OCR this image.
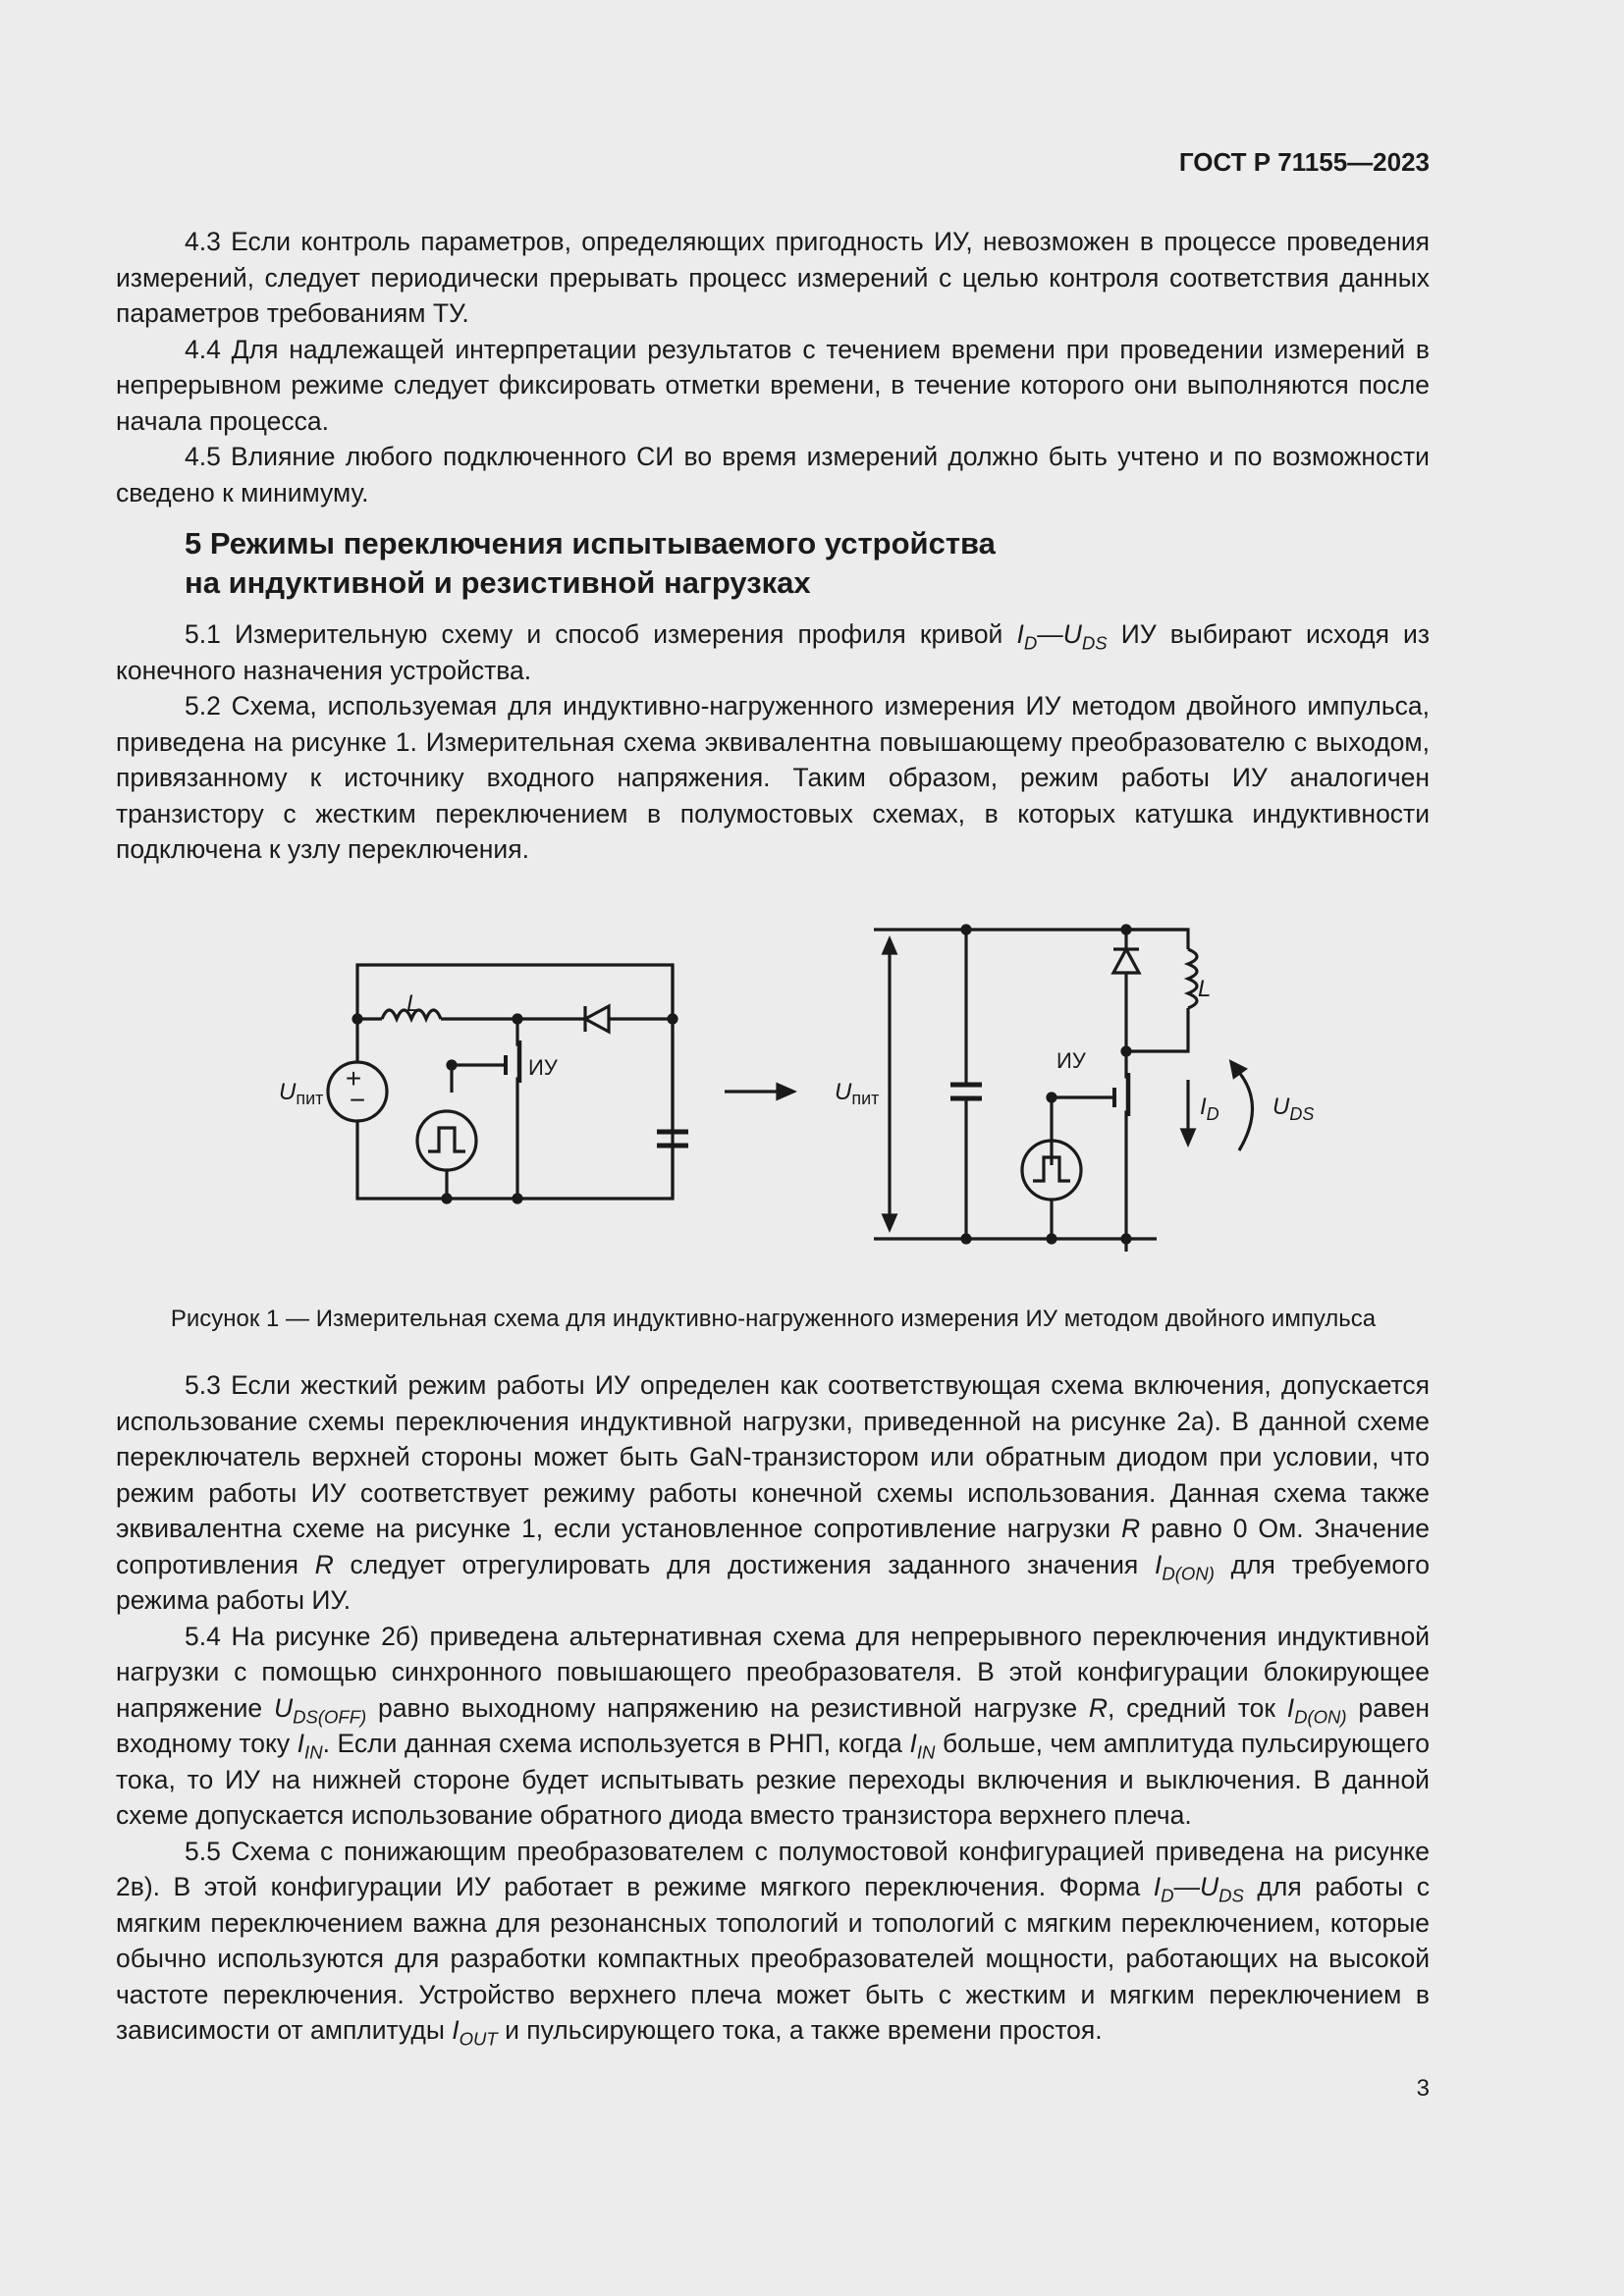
ГОСТ Р 71155—2023

4.3 Если контроль параметров, определяющих пригодность ИУ, невозможен в процессе проведения измерений, следует периодически прерывать процесс измерений с целью контроля соответствия данных параметров требованиям ТУ.

4.4 Для надлежащей интерпретации результатов с течением времени при проведении измерений в непрерывном режиме следует фиксировать отметки времени, в течение которого они выполняются после начала процесса.

4.5 Влияние любого подключенного СИ во время измерений должно быть учтено и по возможности сведено к минимуму.

5 Режимы переключения испытываемого устройства
на индуктивной и резистивной нагрузках

5.1 Измерительную схему и способ измерения профиля кривой $I_D—U_{DS}$ ИУ выбирают исходя из конечного назначения устройства.

5.2 Схема, используемая для индуктивно-нагруженного измерения ИУ методом двойного импульса, приведена на рисунке 1. Измерительная схема эквивалентна повышающему преобразователю с выходом, привязанному к источнику входного напряжения. Таким образом, режим работы ИУ аналогичен транзистору с жестким переключением в полумостовых схемах, в которых катушка индуктивности подключена к узлу переключения.

L
+
−
$U_{пит}$
ИУ
$U_{пит}$
L
ИУ
$I_D$ $U_{DS}$
Рисунок 1 — Измерительная схема для индуктивно-нагруженного измерения ИУ методом двойного импульса

5.3 Если жесткий режим работы ИУ определен как соответствующая схема включения, допускается использование схемы переключения индуктивной нагрузки, приведенной на рисунке 2а). В данной схеме переключатель верхней стороны может быть GaN-транзистором или обратным диодом при условии, что режим работы ИУ соответствует режиму работы конечной схемы использования. Данная схема также эквивалентна схеме на рисунке 1, если установленное сопротивление нагрузки R равно 0 Ом. Значение сопротивления R следует отрегулировать для достижения заданного значения $I_{D(ON)}$ для требуемого режима работы ИУ.

5.4 На рисунке 2б) приведена альтернативная схема для непрерывного переключения индуктивной нагрузки с помощью синхронного повышающего преобразователя. В этой конфигурации блокирующее напряжение $U_{DS(OFF)}$ равно выходному напряжению на резистивной нагрузке R, средний ток $I_{D(ON)}$ равен входному току $I_{IN}$. Если данная схема используется в РНП, когда $I_{IN}$ больше, чем амплитуда пульсирующего тока, то ИУ на нижней стороне будет испытывать резкие переходы включения и выключения. В данной схеме допускается использование обратного диода вместо транзистора верхнего плеча.

5.5 Схема с понижающим преобразователем с полумостовой конфигурацией приведена на рисунке 2в). В этой конфигурации ИУ работает в режиме мягкого переключения. Форма $I_D—U_{DS}$ для работы с мягким переключением важна для резонансных топологий и топологий с мягким переключением, которые обычно используются для разработки компактных преобразователей мощности, работающих на высокой частоте переключения. Устройство верхнего плеча может быть с жестким и мягким переключением в зависимости от амплитуды $I_{OUT}$ и пульсирующего тока, а также времени простоя.

3
